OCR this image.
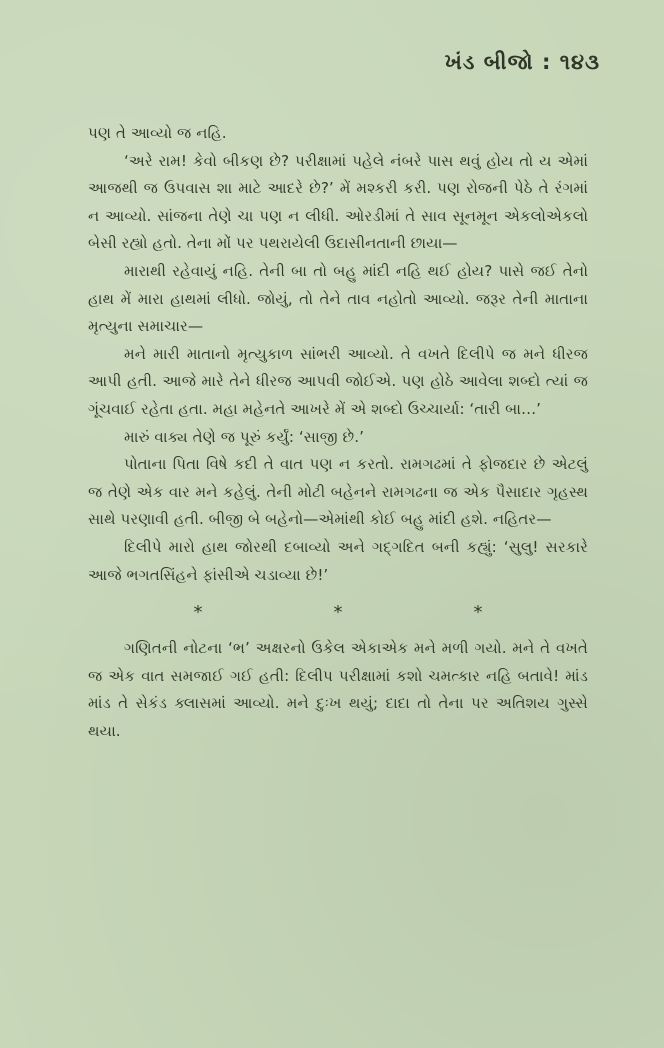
ખંડ બીજો : ૧૪૩

પણ તે આવ્યો જ નહિ.

‘અરે રામ! કેવો બીકણ છે? પરીક્ષામાં પહેલે નંબરે પાસ થવું હોય તો ય એમાં આજથી જ ઉપવાસ શા માટે આદરે છે?’ મેં મશ્કરી કરી. પણ રોજની પેઠે તે રંગમાં ન આવ્યો. સાંજના તેણે ચા પણ ન લીધી. ઓરડીમાં તે સાવ સૂનમૂન એકલોએકલો બેસી રહ્યો હતો. તેના મોં પર પથરાયેલી ઉદાસીનતાની છાયા—

મારાથી રહેવાયું નહિ. તેની બા તો બહુ માંદી નહિ થઈ હોય? પાસે જઈ તેનો હાથ મેં મારા હાથમાં લીધો. જોયું, તો તેને તાવ નહોતો આવ્યો. જરૂર તેની માતાના મૃત્યુના સમાચાર—

મને મારી માતાનો મૃત્યુકાળ સાંભરી આવ્યો. તે વખતે દિલીપે જ મને ધીરજ આપી હતી. આજે મારે તેને ધીરજ આપવી જોઈએ. પણ હોઠે આવેલા શબ્દો ત્યાં જ ગૂંચવાઈ રહેતા હતા. મહા મહેનતે આખરે મેં એ શબ્દો ઉચ્ચાર્યા: ‘તારી બા…’

મારું વાક્ય તેણે જ પૂરું કર્યું: ‘સાજી છે.’

પોતાના પિતા વિષે કદી તે વાત પણ ન કરતો. રામગઢમાં તે ફોજદાર છે એટલું જ તેણે એક વાર મને કહેલું. તેની મોટી બહેનને રામગઢના જ એક પૈસાદાર ગૃહસ્થ સાથે પરણાવી હતી. બીજી બે બહેનો—એમાંથી કોઈ બહુ માંદી હશે. નહિતર—

દિલીપે મારો હાથ જોરથી દબાવ્યો અને ગદ્ગદિત બની કહ્યું: ‘સુલુ! સરકારે આજે ભગતસિંહને ફાંસીએ ચડાવ્યા છે!’

*	*	*

ગણિતની નોટના ‘ભ’ અક્ષરનો ઉકેલ એકાએક મને મળી ગયો. મને તે વખતે જ એક વાત સમજાઈ ગઈ હતી: દિલીપ પરીક્ષામાં કશો ચમત્કાર નહિ બતાવે! માંડ માંડ તે સેકંડ ક્લાસમાં આવ્યો. મને દુઃખ થયું; દાદા તો તેના પર અતિશય ગુસ્સે થયા.
